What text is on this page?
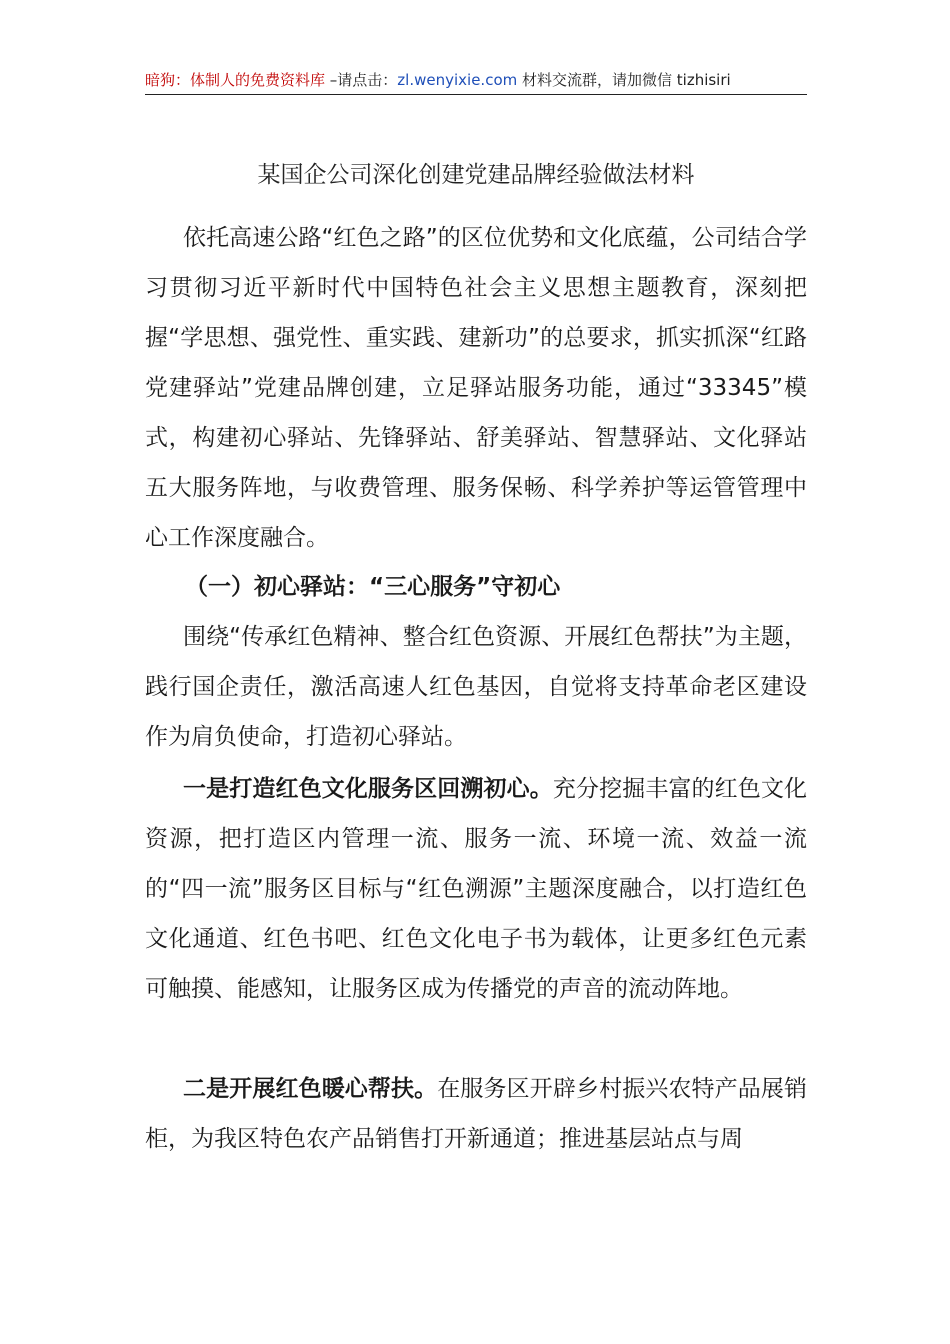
暗狗：体制人的免费资料库 –请点击：zl.wenyixie.com 材料交流群，请加微信 tizhisiri
某国企公司深化创建党建品牌经验做法材料

依托高速公路“红色之路”的区位优势和文化底蕴，公司结合学习贯彻习近平新时代中国特色社会主义思想主题教育，深刻把握“学思想、强党性、重实践、建新功”的总要求，抓实抓深“红路党建驿站”党建品牌创建，立足驿站服务功能，通过“33345”模式，构建初心驿站、先锋驿站、舒美驿站、智慧驿站、文化驿站五大服务阵地，与收费管理、服务保畅、科学养护等运管管理中心工作深度融合。

（一）初心驿站：“三心服务”守初心

围绕“传承红色精神、整合红色资源、开展红色帮扶”为主题，践行国企责任，激活高速人红色基因，自觉将支持革命老区建设作为肩负使命，打造初心驿站。

一是打造红色文化服务区回溯初心。充分挖掘丰富的红色文化资源，把打造区内管理一流、服务一流、环境一流、效益一流的“四一流”服务区目标与“红色溯源”主题深度融合，以打造红色文化通道、红色书吧、红色文化电子书为载体，让更多红色元素可触摸、能感知，让服务区成为传播党的声音的流动阵地。

二是开展红色暖心帮扶。在服务区开辟乡村振兴农特产品展销柜，为我区特色农产品销售打开新通道；推进基层站点与周
